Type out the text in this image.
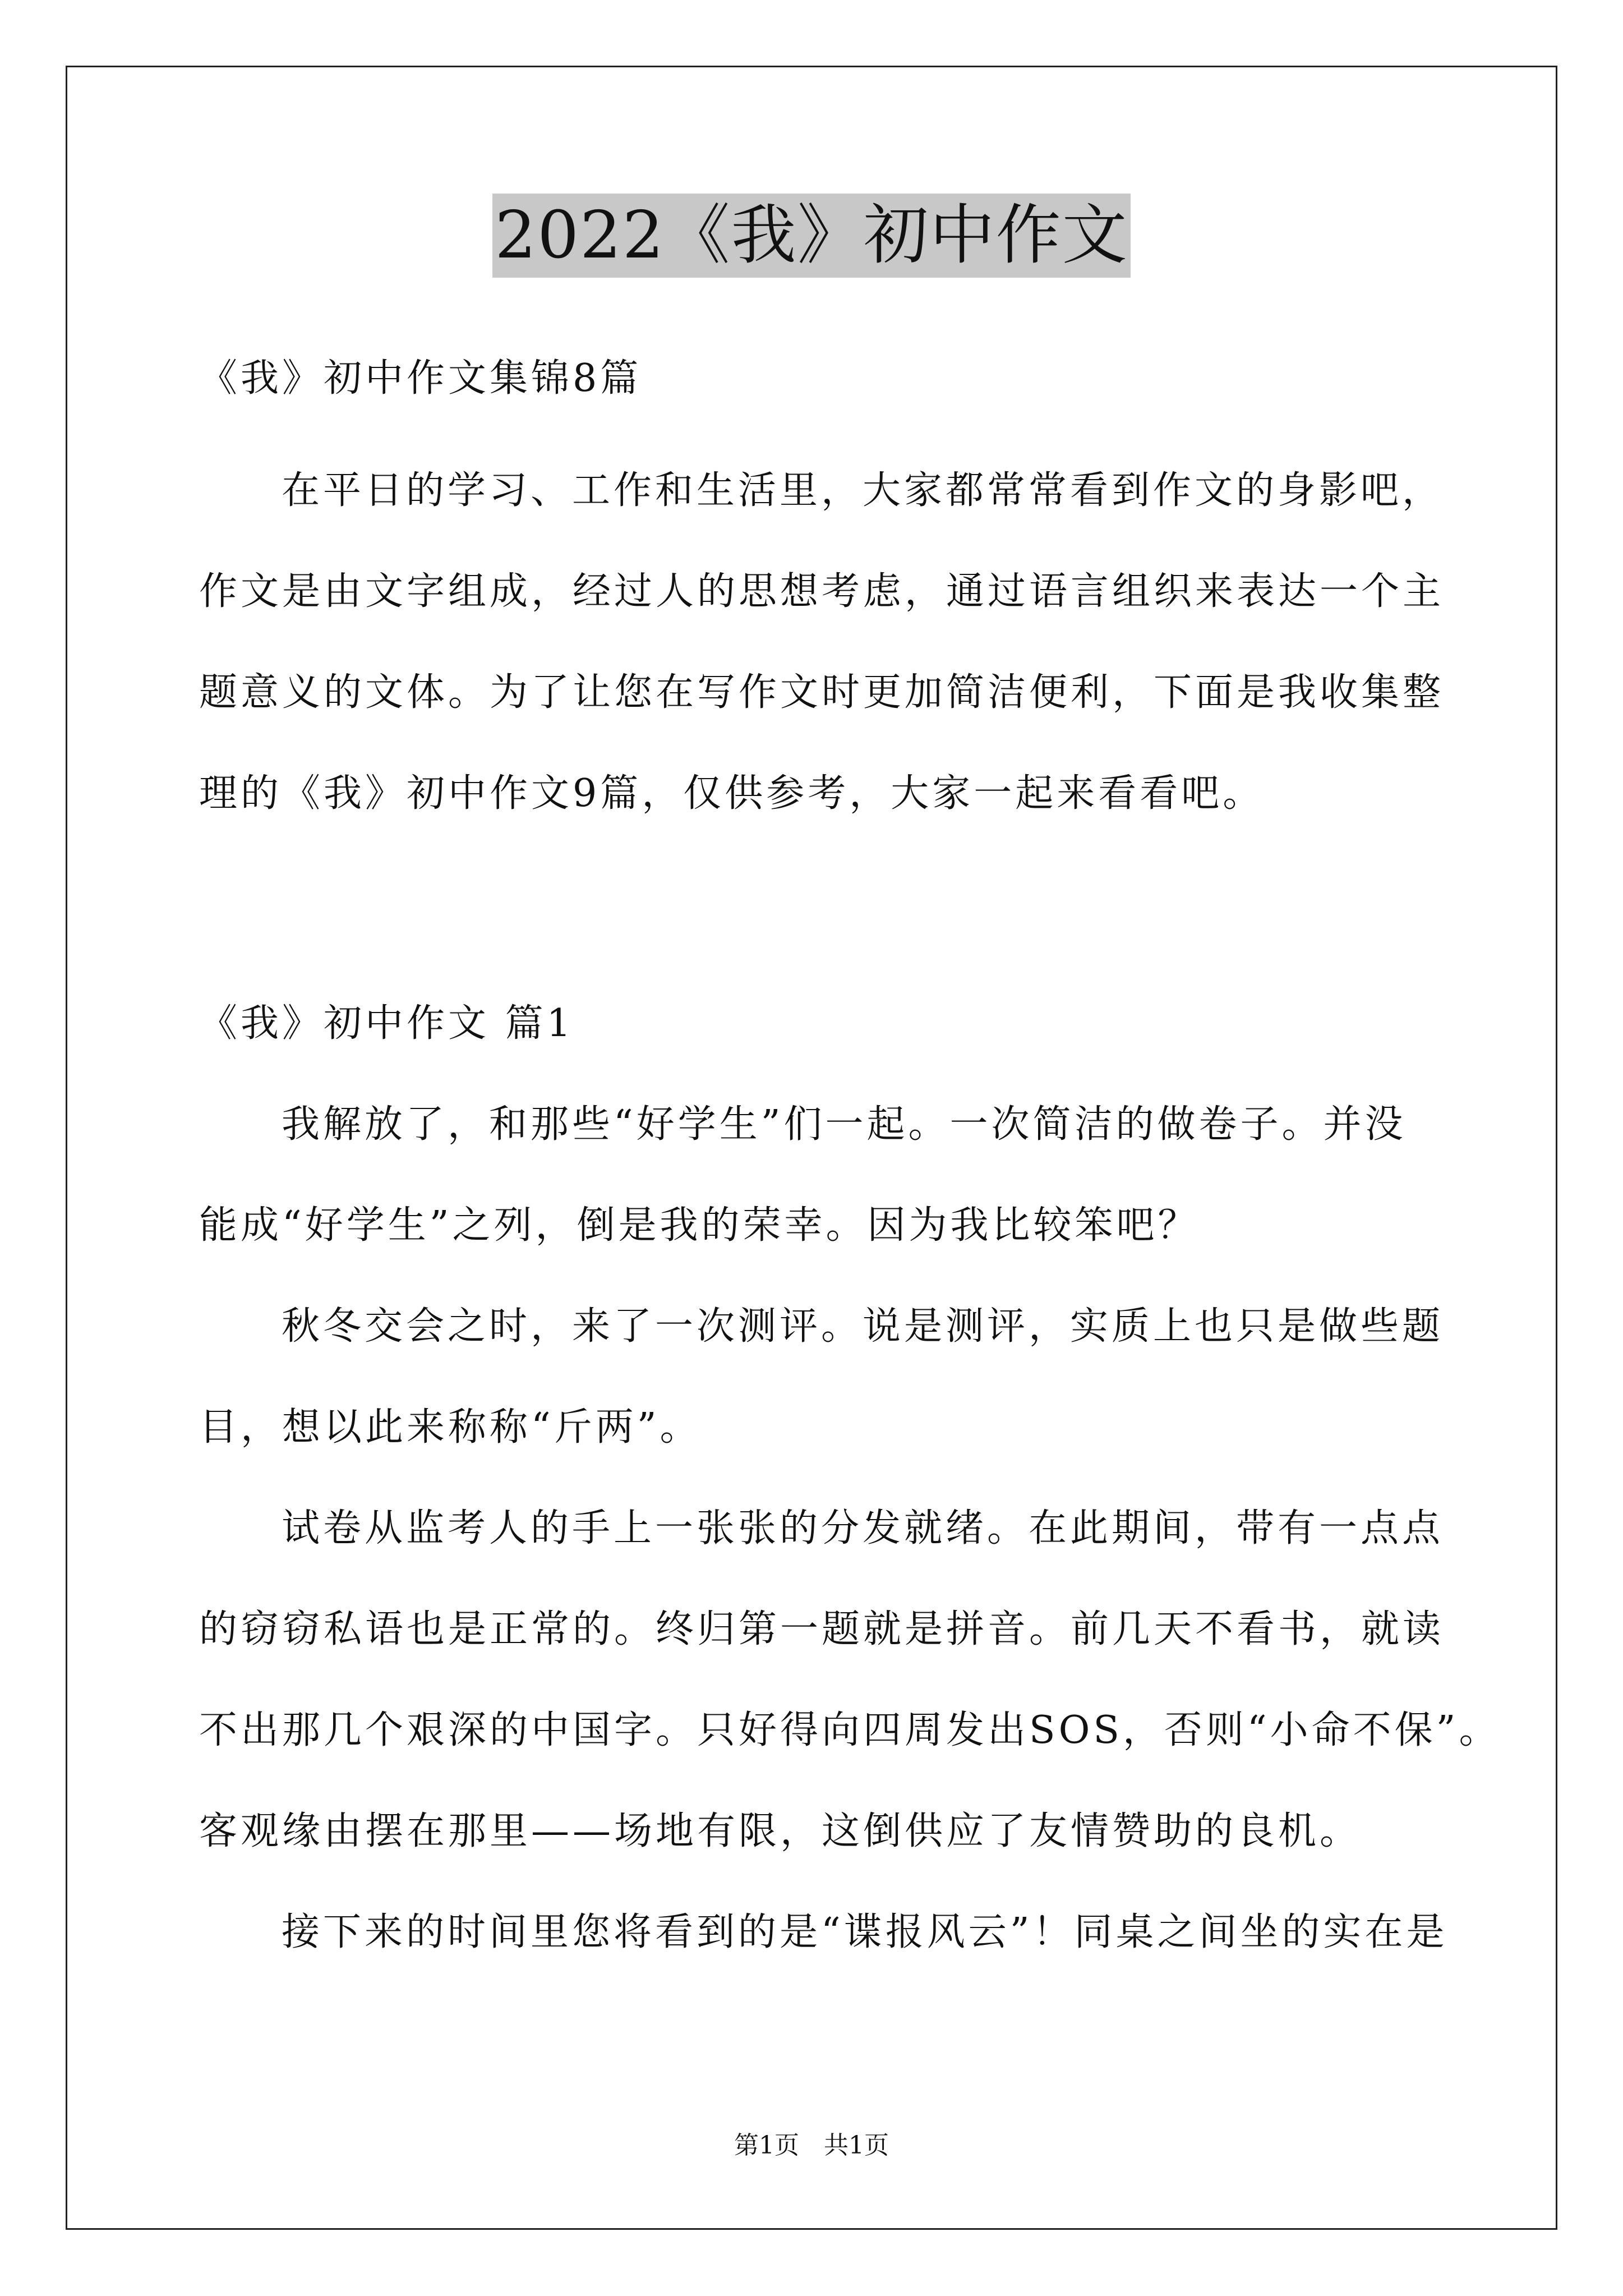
2022《我》初中作文
《我》初中作文集锦8篇
在平日的学习、工作和生活里，大家都常常看到作文的身影吧，
作文是由文字组成，经过人的思想考虑，通过语言组织来表达一个主
题意义的文体。为了让您在写作文时更加简洁便利，下面是我收集整
理的《我》初中作文9篇，仅供参考，大家一起来看看吧。
《我》初中作文 篇1
我解放了，和那些“好学生”们一起。一次简洁的做卷子。并没
能成“好学生”之列，倒是我的荣幸。因为我比较笨吧？
秋冬交会之时，来了一次测评。说是测评，实质上也只是做些题
目，想以此来称称“斤两”。
试卷从监考人的手上一张张的分发就绪。在此期间，带有一点点
的窃窃私语也是正常的。终归第一题就是拼音。前几天不看书，就读
不出那几个艰深的中国字。只好得向四周发出SOS，否则“小命不保”。
客观缘由摆在那里——场地有限，这倒供应了友情赞助的良机。
接下来的时间里您将看到的是“谍报风云”！同桌之间坐的实在是
第1页　共1页
